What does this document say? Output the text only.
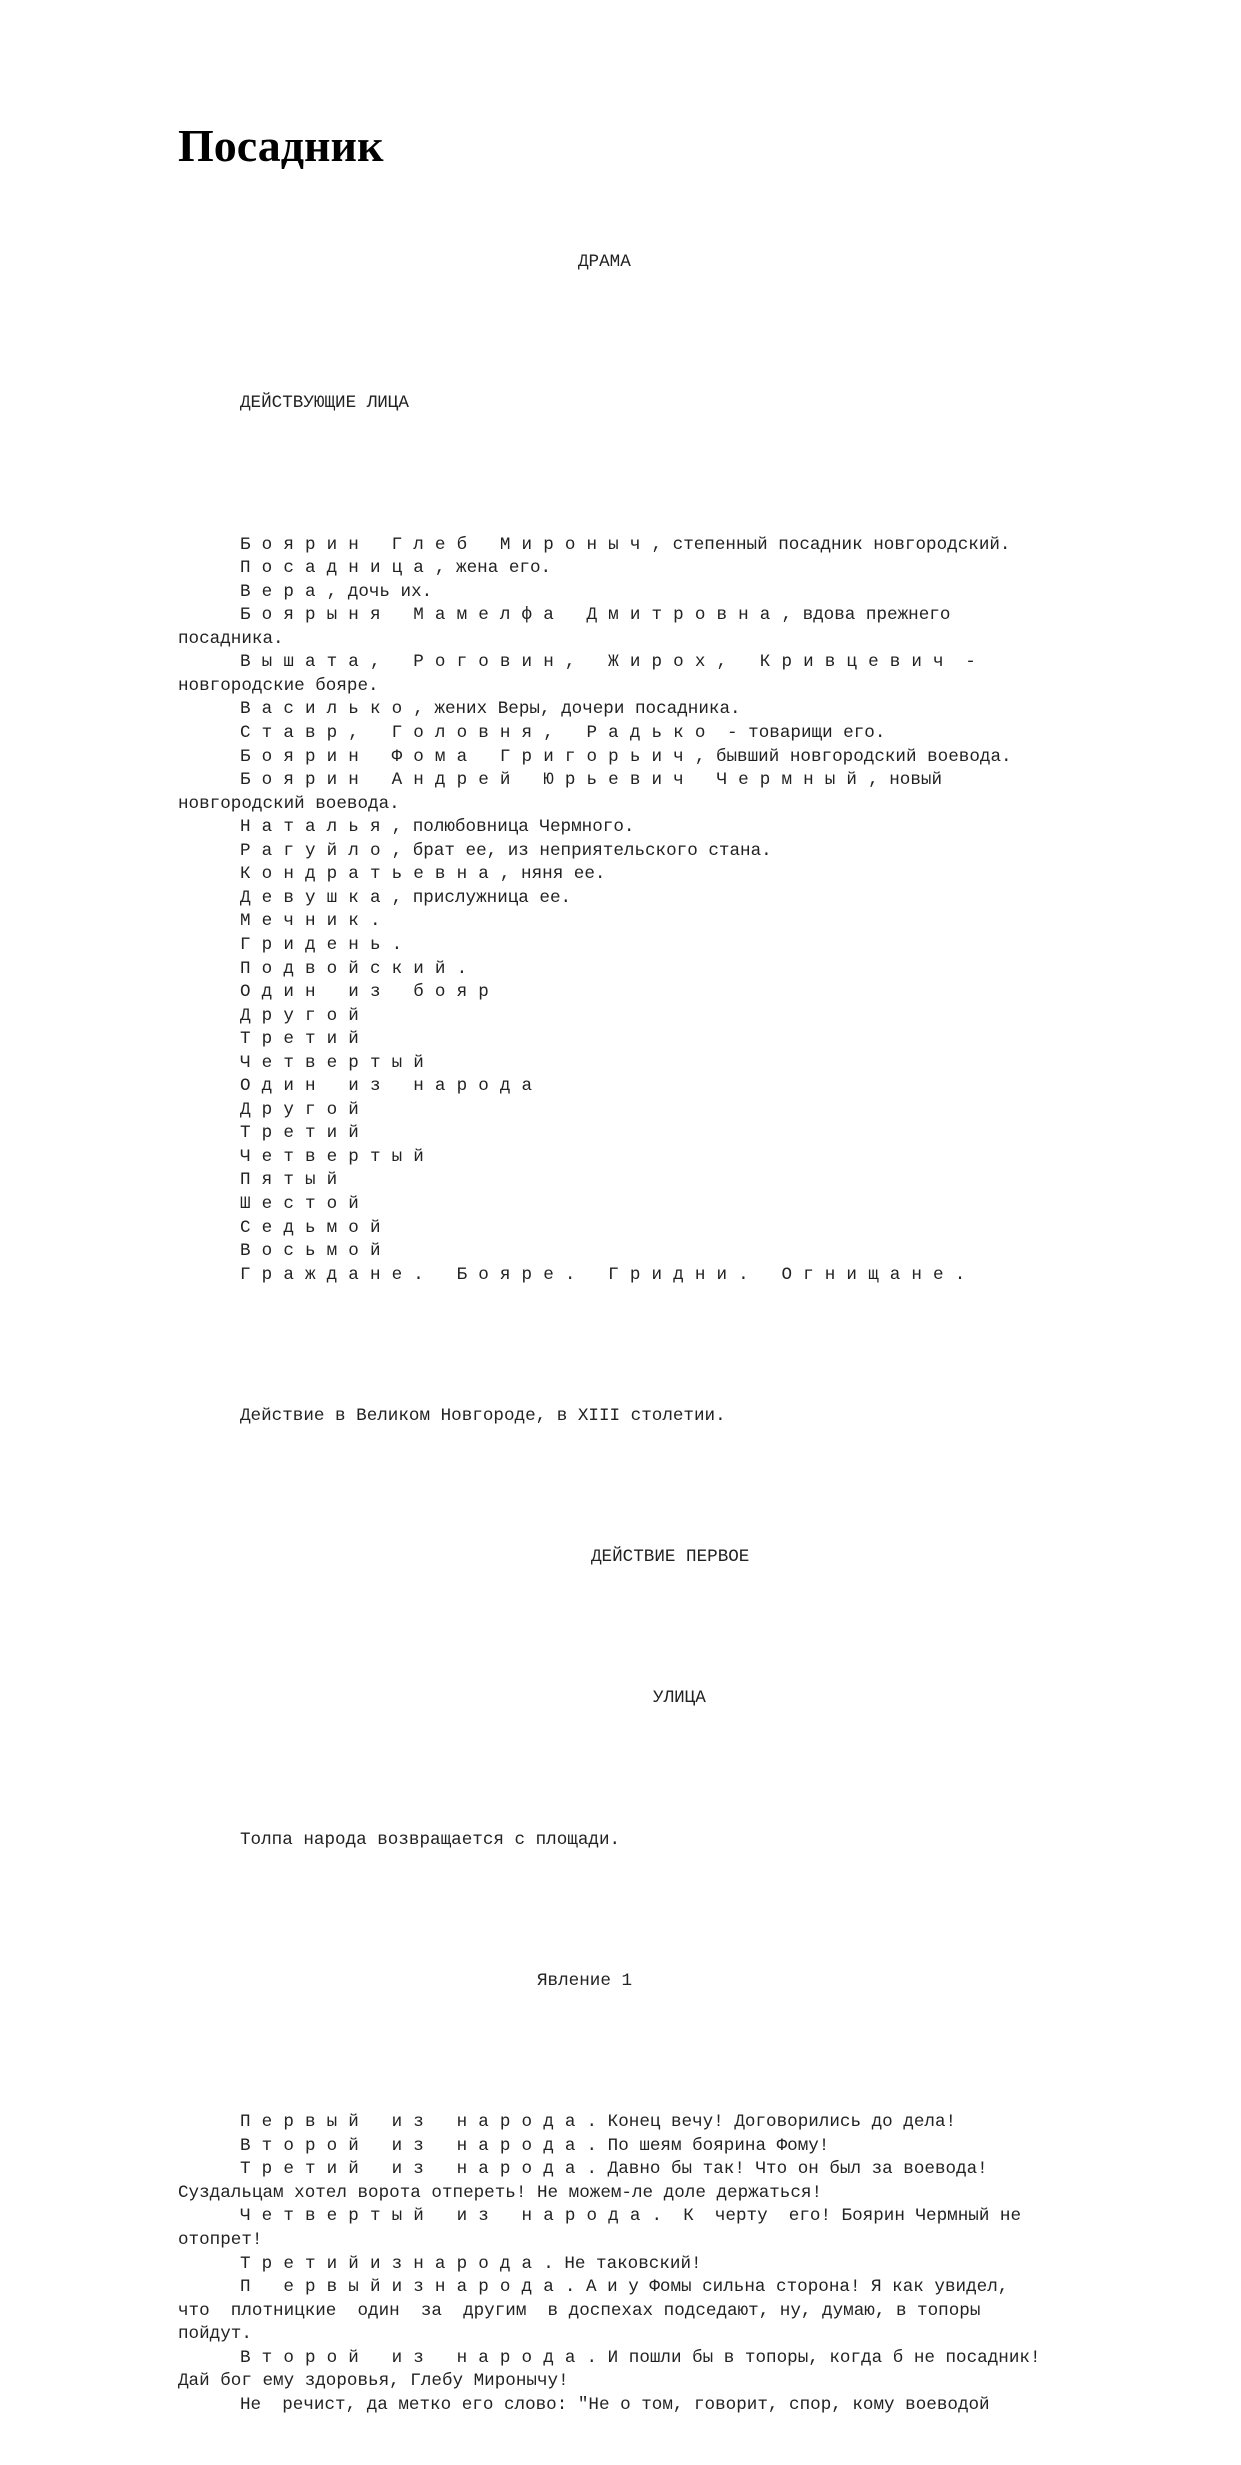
Посадник

ДРАМА

ДЕЙСТВУЮЩИЕ ЛИЦА

Боярин Глеб Мироныч, степенный посадник новгородский.
Посадница, жена его.
Вера, дочь их.
Боярыня Мамелфа Дмитровна, вдова прежнего
посадника.
Вышата, Роговин, Жирох, Кривцевич -
новгородские бояре.
Василько, жених Веры, дочери посадника.
Ставр, Головня, Радько - товарищи его.
Боярин Фома Григорьич, бывший новгородский воевода.
Боярин Андрей Юрьевич Чермный, новый
новгородский воевода.
Наталья, полюбовница Чермного.
Рагуйло, брат ее, из неприятельского стана.
Кондратьевна, няня ее.
Девушка, прислужница ее.
Мечник.
Гридень.
Подвойский.
Один из бояр
Другой
Третий
Четвертый
Один из народа
Другой
Третий
Четвертый
Пятый
Шестой
Седьмой
Восьмой
Граждане. Бояре. Гридни. Огнищане.

Действие в Великом Новгороде, в XIII столетии.

ДЕЙСТВИЕ ПЕРВОЕ

УЛИЦА

Толпа народа возвращается с площади.

Явление 1

Первый из народа. Конец вечу! Договорились до дела!
Второй из народа. По шеям боярина Фому!
Третий из народа. Давно бы так! Что он был за воевода!
Суздальцам хотел ворота отпереть! Не можем-ле доле держаться!
Четвертый из народа.  К  черту  его! Боярин Чермный не
отопрет!
Третийизнарода. Не таковский!
П ервыйизнарода. А и у Фомы сильна сторона! Я как увидел,
что  плотницкие  один  за  другим  в доспехах подседают, ну, думаю, в топоры
пойдут.
Второй из народа. И пошли бы в топоры, когда б не посадник!
Дай бог ему здоровья, Глебу Миронычу!
Не  речист, да метко его слово: "Не о том, говорит, спор, кому воеводой
